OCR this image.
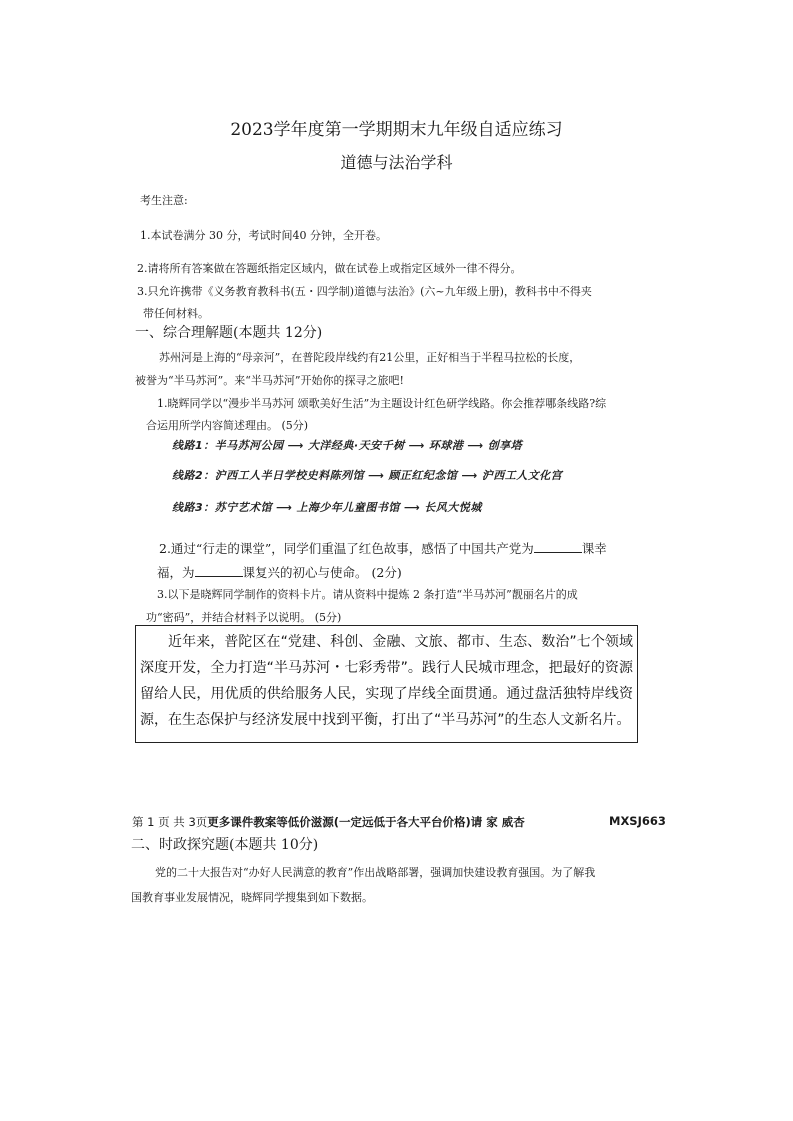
2023学年度第一学期期末九年级自适应练习
道德与法治学科
考生注意:
1.本试卷满分 30 分，考试时间40 分钟，全开卷。
2.请将所有答案做在答题纸指定区域内，做在试卷上或指定区域外一律不得分。
3.只允许携带《义务教育教科书(五・四学制)道德与法治》(六~九年级上册)，教科书中不得夹
带任何材料。
一、综合理解题(本题共 12分)
苏州河是上海的“母亲河”，在普陀段岸线约有21公里，正好相当于半程马拉松的长度，
被誉为“半马苏河”。来“半马苏河”开始你的探寻之旅吧!
1.晓辉同学以“漫步半马苏河 颂歌美好生活”为主题设计红色研学线路。你会推荐哪条线路?综
合运用所学内容简述理由。 (5分)
线路1：半马苏河公园 ⟶ 大洋经典·天安千树 ⟶ 环球港 ⟶ 创享塔
线路2：沪西工人半日学校史料陈列馆 ⟶ 顾正红纪念馆 ⟶ 沪西工人文化宫
线路3：苏宁艺术馆 ⟶ 上海少年儿童图书馆 ⟶ 长风大悦城
2.通过“行走的课堂”，同学们重温了红色故事，感悟了中国共产党为	课幸
福，为	课复兴的初心与使命。 (2分)
3.以下是晓辉同学制作的资料卡片。请从资料中提炼 2 条打造“半马苏河”靓丽名片的成
功“密码”，并结合材料予以说明。 (5分)

近年来，普陀区在“党建、科创、金融、文旅、都市、生态、数治”七个领域深度开发，全力打造“半马苏河・七彩秀带”。践行人民城市理念，把最好的资源留给人民，用优质的供给服务人民，实现了岸线全面贯通。通过盘活独特岸线资源，在生态保护与经济发展中找到平衡，打出了“半马苏河”的生态人文新名片。

第 1 页 共 3页更多课件教案等低价滋源(一定远低于各大平台价格)请 家 威杏	MXSJ663
二、时政探究题(本题共 10分)
党的二十大报告对“办好人民满意的教育”作出战略部署，强调加快建设教育强国。为了解我
国教育事业发展情况，晓辉同学搜集到如下数据。
